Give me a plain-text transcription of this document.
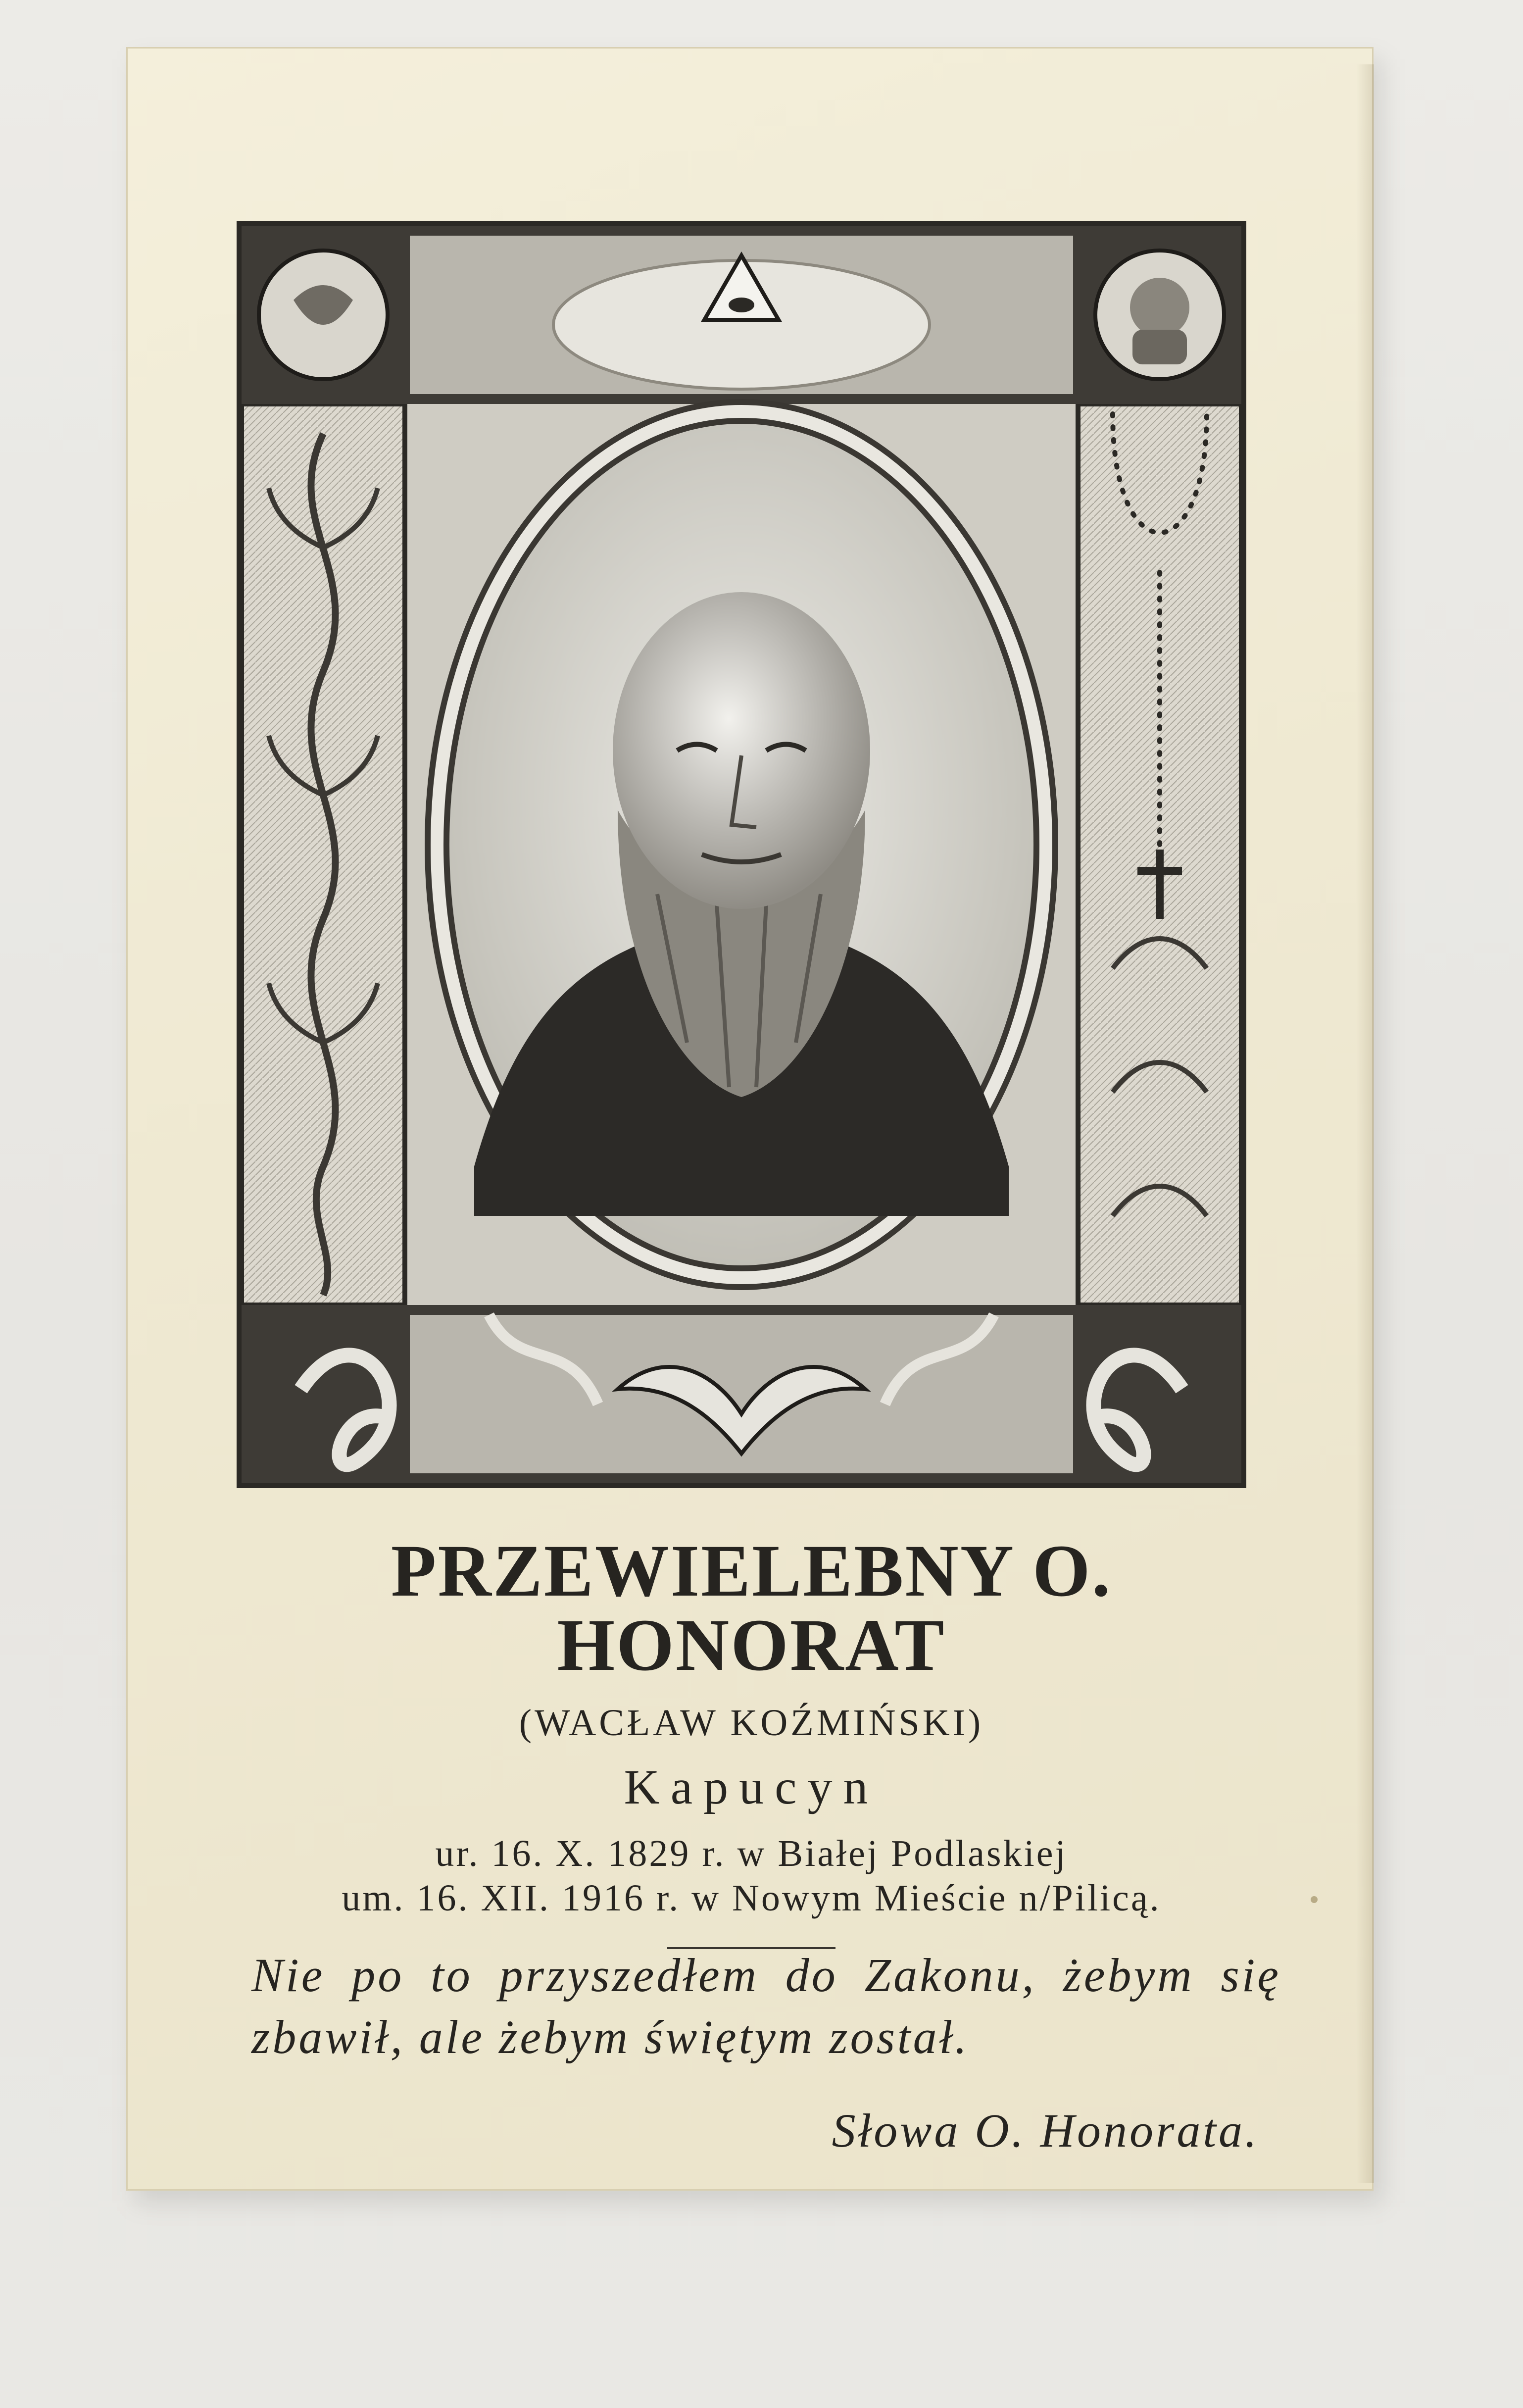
PRZEWIELEBNY O. HONORAT
(WACŁAW KOŹMIŃSKI)
Kapucyn
ur. 16. X. 1829 r. w Białej Podlaskiej
um. 16. XII. 1916 r. w Nowym Mieście n/Pilicą.
Nie po to przyszedłem do Zakonu, żebym się zbawił, ale żebym świętym został.
Słowa O. Honorata.
